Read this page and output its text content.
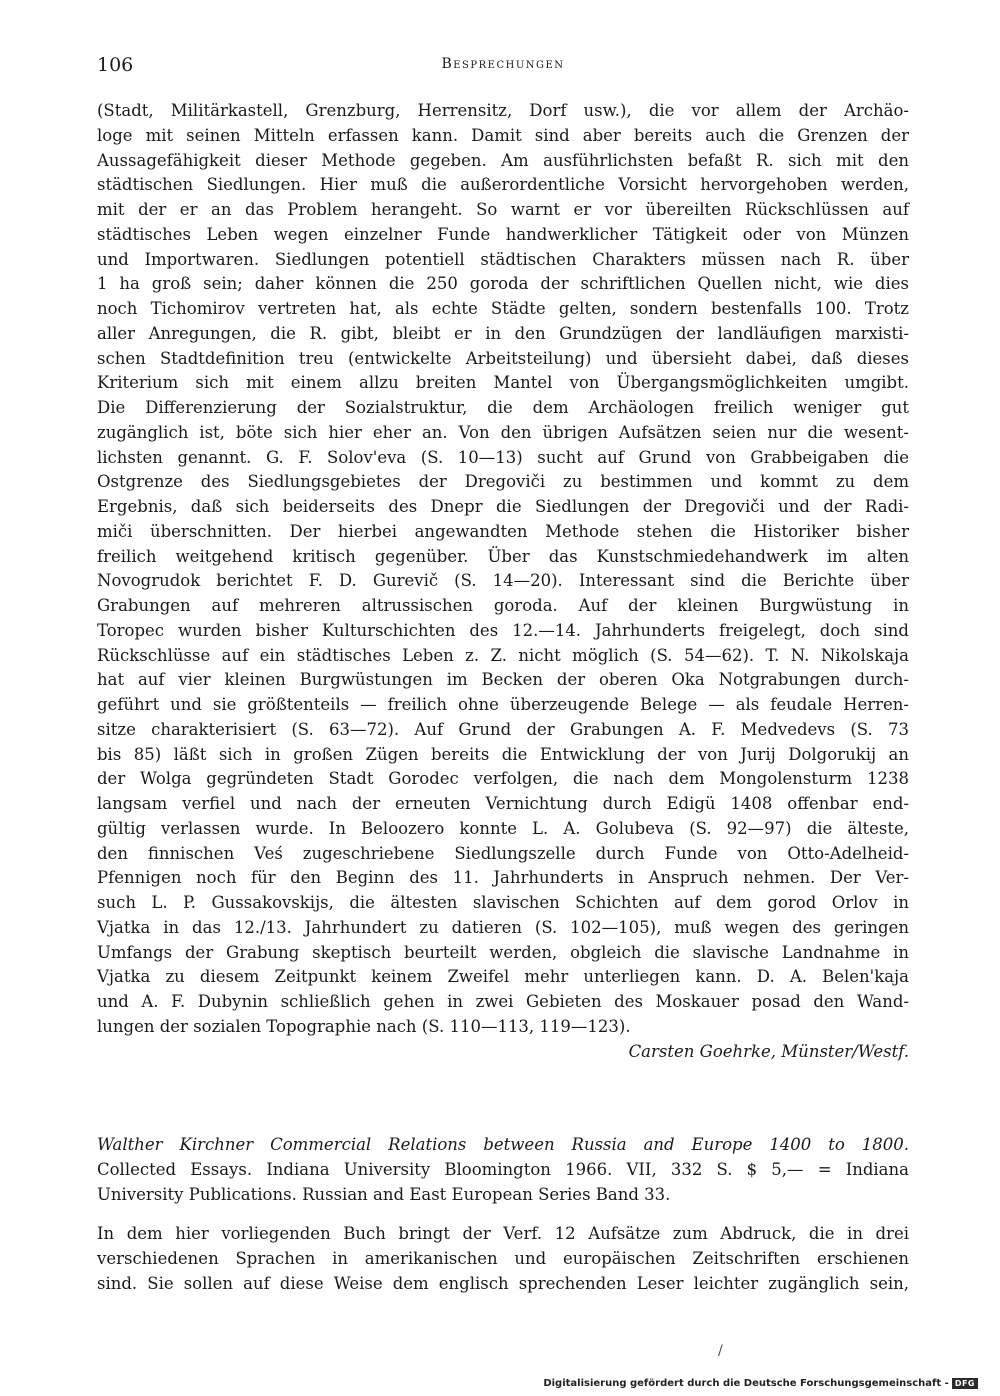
106	Besprechungen
(Stadt, Militärkastell, Grenzburg, Herrensitz, Dorf usw.), die vor allem der Archäo-
loge mit seinen Mitteln erfassen kann. Damit sind aber bereits auch die Grenzen der
Aussagefähigkeit dieser Methode gegeben. Am ausführlichsten befaßt R. sich mit den
städtischen Siedlungen. Hier muß die außerordentliche Vorsicht hervorgehoben werden,
mit der er an das Problem herangeht. So warnt er vor übereilten Rückschlüssen auf
städtisches Leben wegen einzelner Funde handwerklicher Tätigkeit oder von Münzen
und Importwaren. Siedlungen potentiell städtischen Charakters müssen nach R. über
1 ha groß sein; daher können die 250 goroda der schriftlichen Quellen nicht, wie dies
noch Tichomirov vertreten hat, als echte Städte gelten, sondern bestenfalls 100. Trotz
aller Anregungen, die R. gibt, bleibt er in den Grundzügen der landläufigen marxisti-
schen Stadtdefinition treu (entwickelte Arbeitsteilung) und übersieht dabei, daß dieses
Kriterium sich mit einem allzu breiten Mantel von Übergangsmöglichkeiten umgibt.
Die Differenzierung der Sozialstruktur, die dem Archäologen freilich weniger gut
zugänglich ist, böte sich hier eher an. Von den übrigen Aufsätzen seien nur die wesent-
lichsten genannt. G. F. Solov'eva (S. 10—13) sucht auf Grund von Grabbeigaben die
Ostgrenze des Siedlungsgebietes der Dregoviči zu bestimmen und kommt zu dem
Ergebnis, daß sich beiderseits des Dnepr die Siedlungen der Dregoviči und der Radi-
miči überschnitten. Der hierbei angewandten Methode stehen die Historiker bisher
freilich weitgehend kritisch gegenüber. Über das Kunstschmiedehandwerk im alten
Novogrudok berichtet F. D. Gurevič (S. 14—20). Interessant sind die Berichte über
Grabungen auf mehreren altrussischen goroda. Auf der kleinen Burgwüstung in
Toropec wurden bisher Kulturschichten des 12.—14. Jahrhunderts freigelegt, doch sind
Rückschlüsse auf ein städtisches Leben z. Z. nicht möglich (S. 54—62). T. N. Nikolskaja
hat auf vier kleinen Burgwüstungen im Becken der oberen Oka Notgrabungen durch-
geführt und sie größtenteils — freilich ohne überzeugende Belege — als feudale Herren-
sitze charakterisiert (S. 63—72). Auf Grund der Grabungen A. F. Medvedevs (S. 73
bis 85) läßt sich in großen Zügen bereits die Entwicklung der von Jurij Dolgorukij an
der Wolga gegründeten Stadt Gorodec verfolgen, die nach dem Mongolensturm 1238
langsam verfiel und nach der erneuten Vernichtung durch Edigü 1408 offenbar end-
gültig verlassen wurde. In Beloozero konnte L. A. Golubeva (S. 92—97) die älteste,
den finnischen Veś zugeschriebene Siedlungszelle durch Funde von Otto-Adelheid-
Pfennigen noch für den Beginn des 11. Jahrhunderts in Anspruch nehmen. Der Ver-
such L. P. Gussakovskijs, die ältesten slavischen Schichten auf dem gorod Orlov in
Vjatka in das 12./13. Jahrhundert zu datieren (S. 102—105), muß wegen des geringen
Umfangs der Grabung skeptisch beurteilt werden, obgleich die slavische Landnahme in
Vjatka zu diesem Zeitpunkt keinem Zweifel mehr unterliegen kann. D. A. Belen'kaja
und A. F. Dubynin schließlich gehen in zwei Gebieten des Moskauer posad den Wand-
lungen der sozialen Topographie nach (S. 110—113, 119—123).
Carsten Goehrke, Münster/Westf.
Walther Kirchner Commercial Relations between Russia and Europe 1400 to 1800.
Collected Essays. Indiana University Bloomington 1966. VII, 332 S. $ 5,— = Indiana
University Publications. Russian and East European Series Band 33.
In dem hier vorliegenden Buch bringt der Verf. 12 Aufsätze zum Abdruck, die in drei
verschiedenen Sprachen in amerikanischen und europäischen Zeitschriften erschienen
sind. Sie sollen auf diese Weise dem englisch sprechenden Leser leichter zugänglich sein,
/
Digitalisierung gefördert durch die Deutsche Forschungsgemeinschaft - DFG
